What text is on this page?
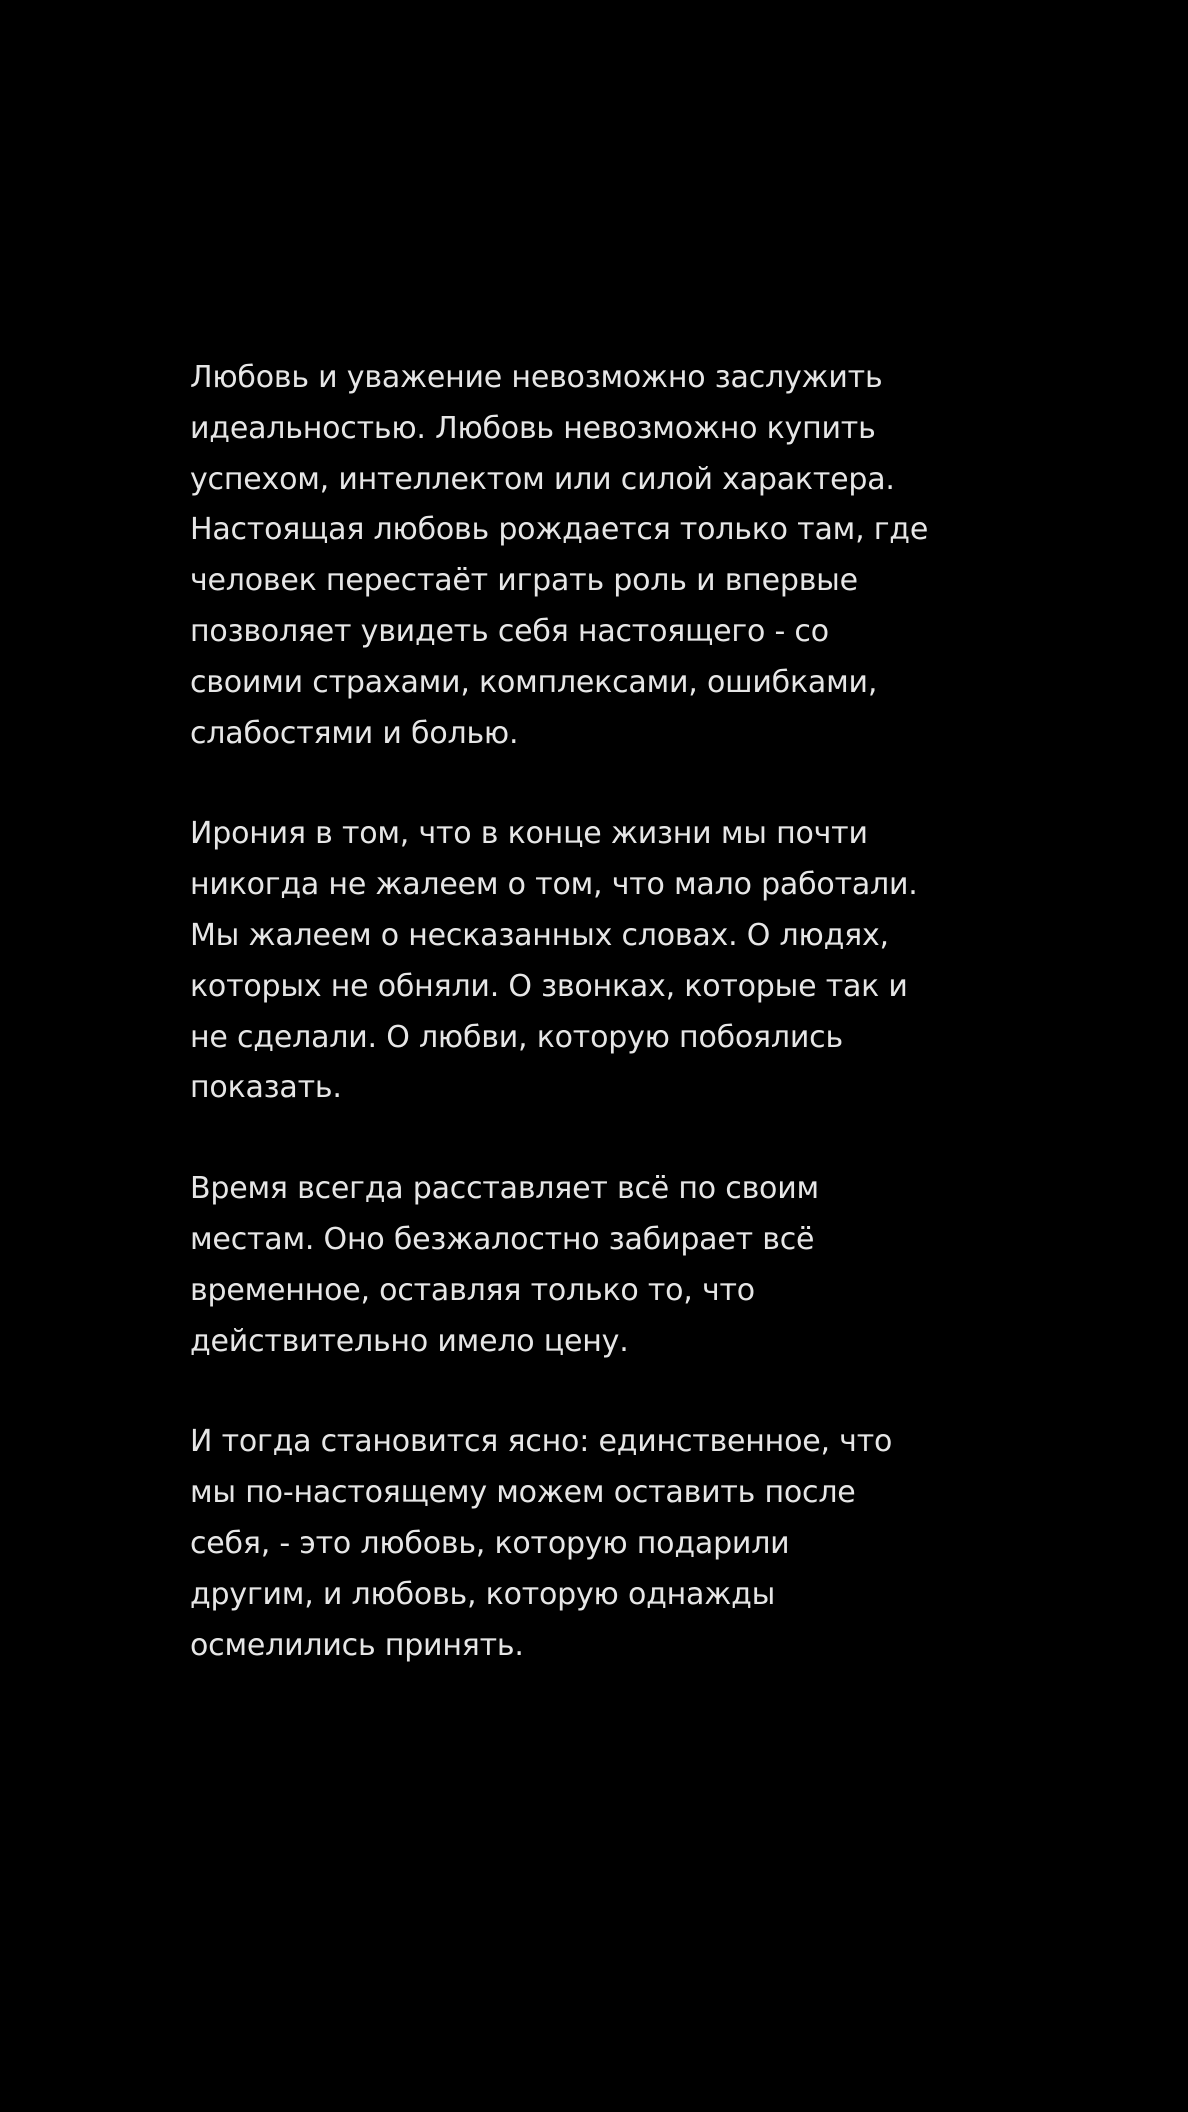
Любовь и уважение невозможно заслужить
идеальностью. Любовь невозможно купить
успехом, интеллектом или силой характера.
Настоящая любовь рождается только там, где
человек перестаёт играть роль и впервые
позволяет увидеть себя настоящего - со
своими страхами, комплексами, ошибками,
слабостями и болью.
Ирония в том, что в конце жизни мы почти
никогда не жалеем о том, что мало работали.
Мы жалеем о несказанных словах. О людях,
которых не обняли. О звонках, которые так и
не сделали. О любви, которую побоялись
показать.
Время всегда расставляет всё по своим
местам. Оно безжалостно забирает всё
временное, оставляя только то, что
действительно имело цену.
И тогда становится ясно: единственное, что
мы по-настоящему можем оставить после
себя, - это любовь, которую подарили
другим, и любовь, которую однажды
осмелились принять.
